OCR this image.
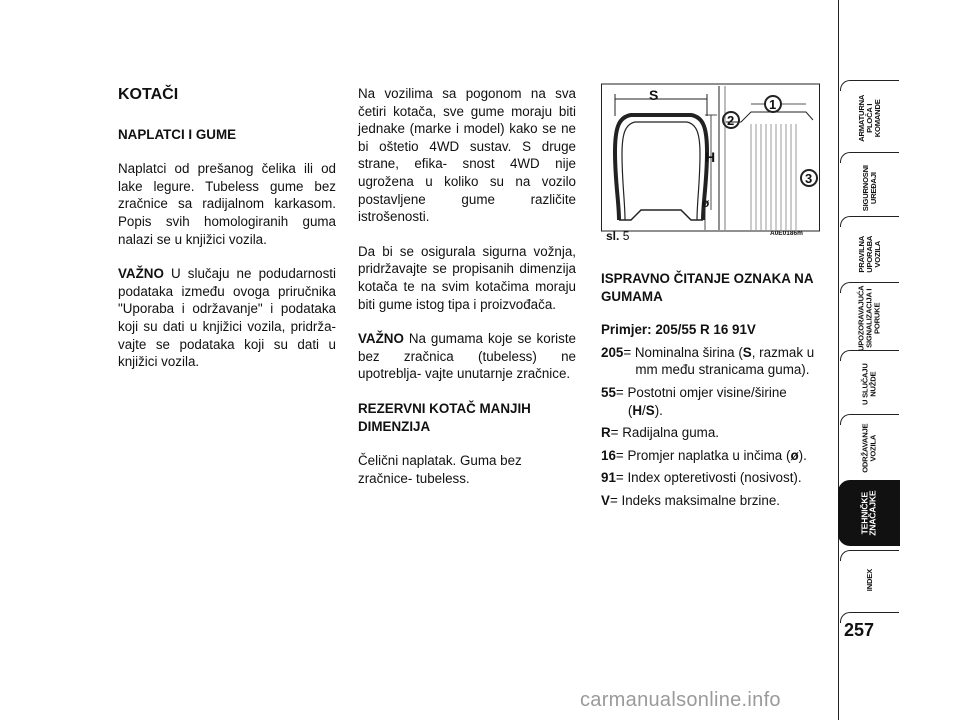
KOTAČI
NAPLATCI I GUME

Naplatci od prešanog čelika ili od lake legure. Tubeless gume bez zračnice sa radijalnom karkasom. Popis svih homologiranih guma nalazi se u knjižici vozila.

VAŽNO U slučaju ne podudarnosti podataka između ovoga priručnika "Uporaba i održavanje" i podataka koji su dati u knjižici vozila, pridrža- vajte se podataka koji su dati u knjižici vozila.

Na vozilima sa pogonom na sva četiri kotača, sve gume moraju biti jednake (marke i model) kako se ne bi oštetio 4WD sustav. S druge strane, efika- snost 4WD nije ugrožena u koliko su na vozilo postavljene gume različite istrošenosti.

Da bi se osigurala sigurna vožnja, pridržavajte se propisanih dimenzija kotača te na svim kotačima moraju biti gume istog tipa i proizvođača.

VAŽNO Na gumama koje se koriste bez zračnica (tubeless) ne upotreblja- vajte unutarnje zračnice.

REZERVNI KOTAČ MANJIH DIMENZIJA

Čelični naplatak. Guma bez zračnice- tubeless.

S
H
ø
1
2
3
sl. 5	A0E0186m
ISPRAVNO ČITANJE OZNAKA NA GUMAMA
Primjer: 205/55 R 16 91V
205 = Nominalna širina (S, razmak u
mm među stranicama guma).
55 = Postotni omjer visine/širine
(H/S).
R = Radijalna guma.
16 = Promjer naplatka u inčima (ø).
91 = Index opteretivosti (nosivost).
V = Indeks maksimalne brzine.
ARMATURNA
PLOČA I
KOMANDE
SIGURNOSNI
UREĐAJI
PRAVILNA
UPORABA
VOZILA
UPOZORAVAJUĆA
SIGNALIZACIJA I
PORUKE
U SLUČAJU
NUŽDE
ODRŽAVANJE
VOZILA
TEHNIČKE
ZNAČAJKE
INDEX
257
carmanualsonline.info
